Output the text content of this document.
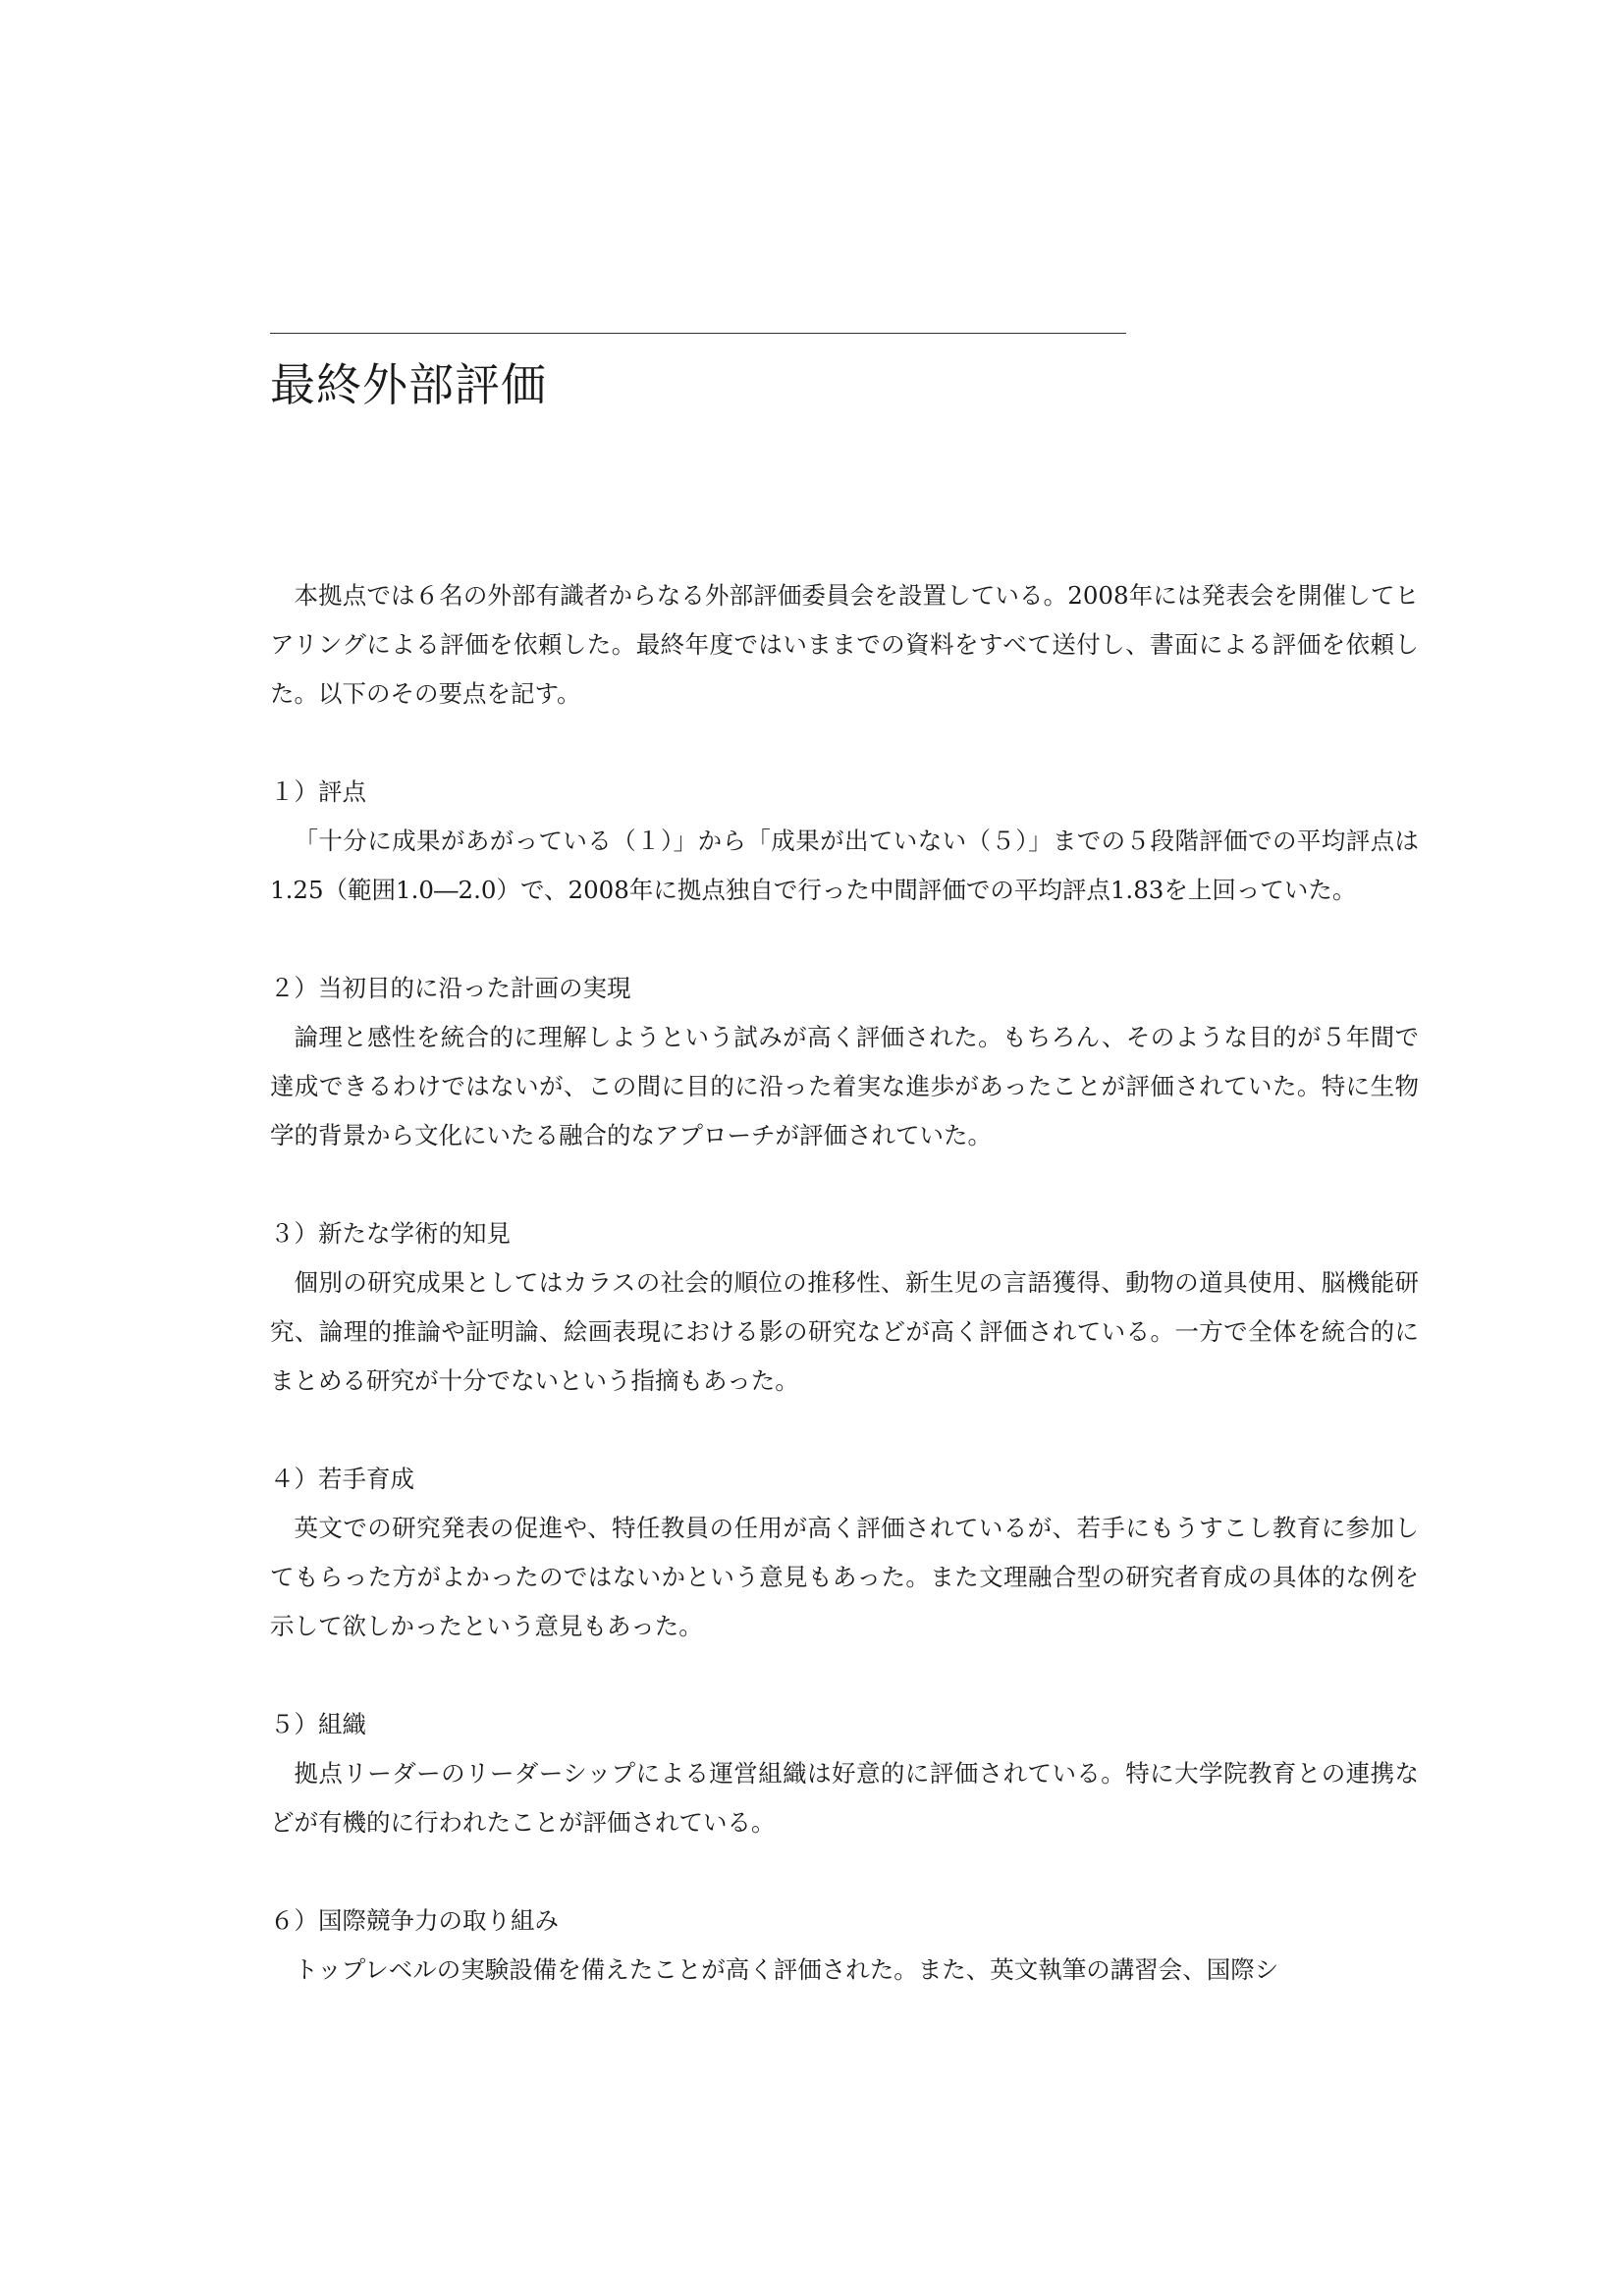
最終外部評価

本拠点では６名の外部有識者からなる外部評価委員会を設置している。2008年には発表会を開催してヒアリングによる評価を依頼した。最終年度ではいままでの資料をすべて送付し、書面による評価を依頼した。以下のその要点を記す。

１）評点

「十分に成果があがっている（１）」から「成果が出ていない（５）」までの５段階評価での平均評点は1.25（範囲1.0―2.0）で、2008年に拠点独自で行った中間評価での平均評点1.83を上回っていた。

２）当初目的に沿った計画の実現

論理と感性を統合的に理解しようという試みが高く評価された。もちろん、そのような目的が５年間で達成できるわけではないが、この間に目的に沿った着実な進歩があったことが評価されていた。特に生物学的背景から文化にいたる融合的なアプローチが評価されていた。

３）新たな学術的知見

個別の研究成果としてはカラスの社会的順位の推移性、新生児の言語獲得、動物の道具使用、脳機能研究、論理的推論や証明論、絵画表現における影の研究などが高く評価されている。一方で全体を統合的にまとめる研究が十分でないという指摘もあった。

４）若手育成

英文での研究発表の促進や、特任教員の任用が高く評価されているが、若手にもうすこし教育に参加してもらった方がよかったのではないかという意見もあった。また文理融合型の研究者育成の具体的な例を示して欲しかったという意見もあった。

５）組織

拠点リーダーのリーダーシップによる運営組織は好意的に評価されている。特に大学院教育との連携などが有機的に行われたことが評価されている。

６）国際競争力の取り組み

トップレベルの実験設備を備えたことが高く評価された。また、英文執筆の講習会、国際シ
